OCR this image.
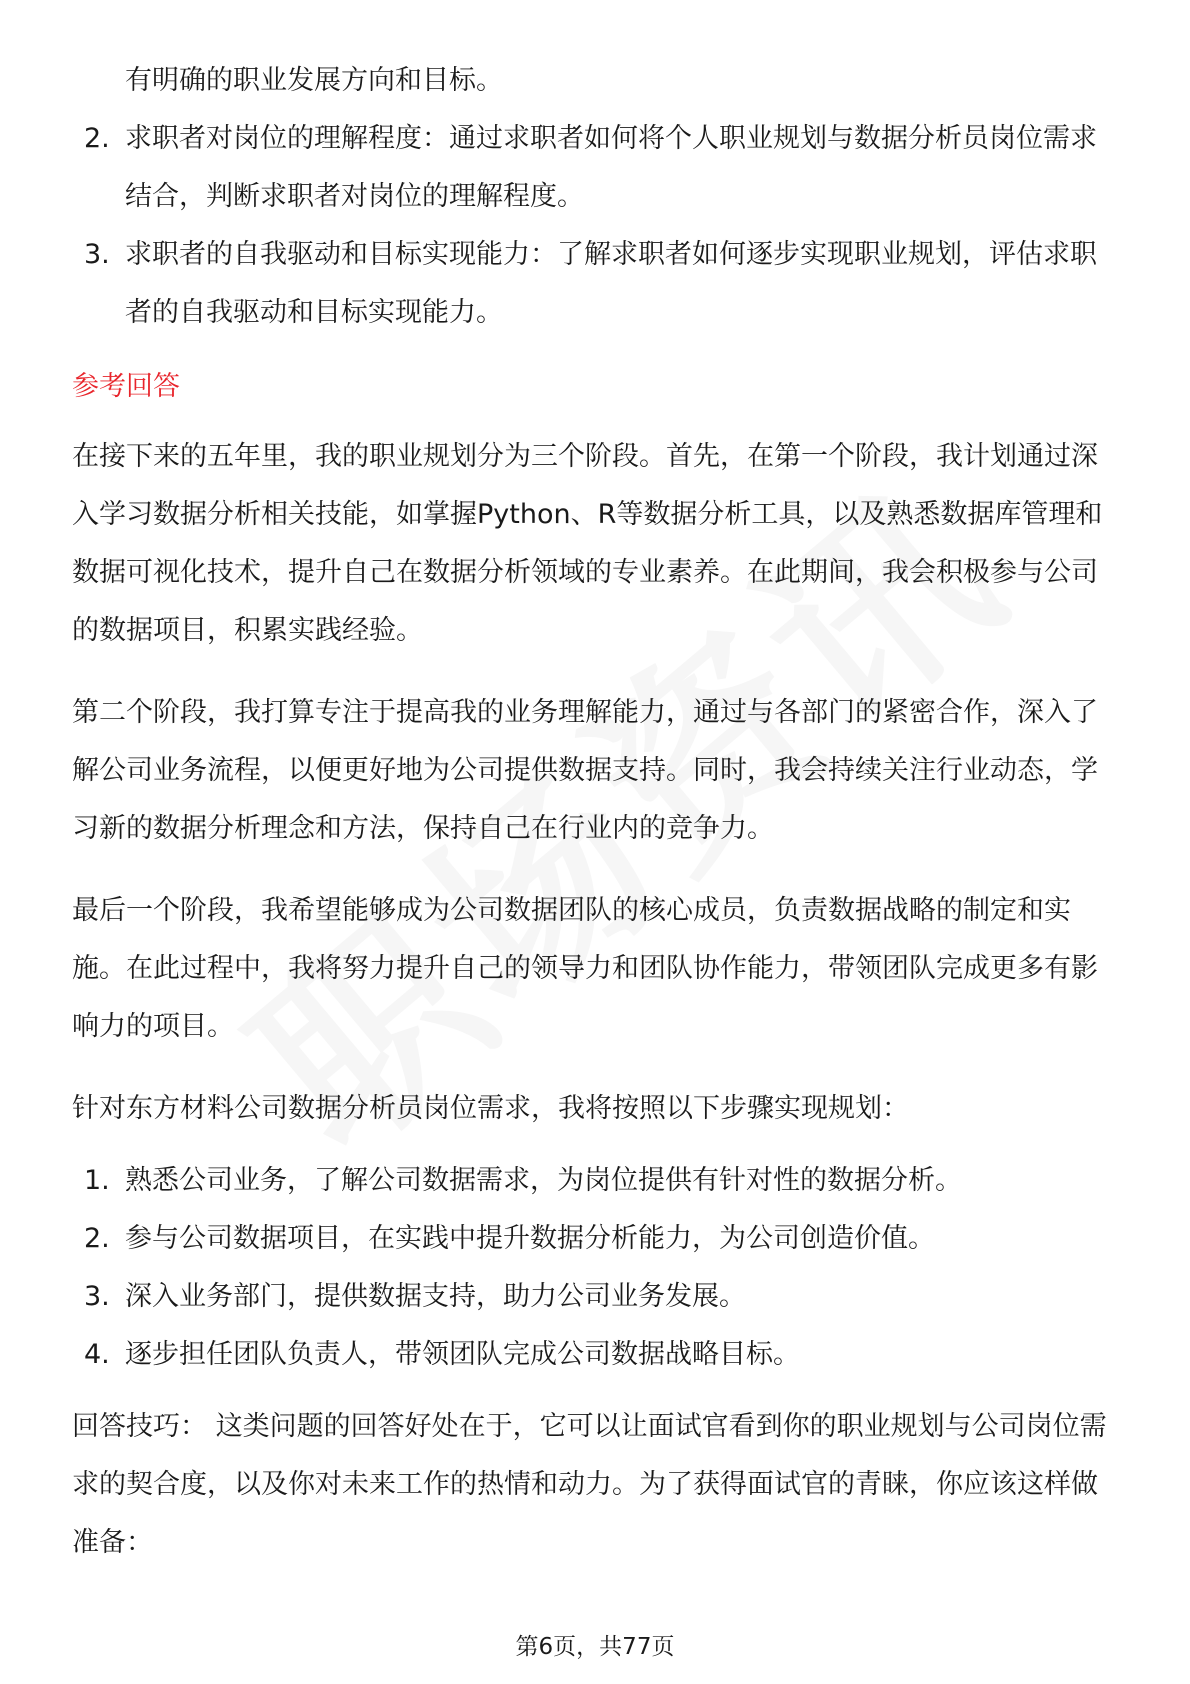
有明确的职业发展方向和目标。

2. 求职者对岗位的理解程度：通过求职者如何将个人职业规划与数据分析员岗位需求结合，判断求职者对岗位的理解程度。
3. 求职者的自我驱动和目标实现能力：了解求职者如何逐步实现职业规划，评估求职者的自我驱动和目标实现能力。
参考回答

在接下来的五年里，我的职业规划分为三个阶段。首先，在第一个阶段，我计划通过深入学习数据分析相关技能，如掌握Python、R等数据分析工具，以及熟悉数据库管理和数据可视化技术，提升自己在数据分析领域的专业素养。在此期间，我会积极参与公司的数据项目，积累实践经验。

第二个阶段，我打算专注于提高我的业务理解能力，通过与各部门的紧密合作，深入了解公司业务流程，以便更好地为公司提供数据支持。同时，我会持续关注行业动态，学习新的数据分析理念和方法，保持自己在行业内的竞争力。

最后一个阶段，我希望能够成为公司数据团队的核心成员，负责数据战略的制定和实施。在此过程中，我将努力提升自己的领导力和团队协作能力，带领团队完成更多有影响力的项目。

针对东方材料公司数据分析员岗位需求，我将按照以下步骤实现规划：

1. 熟悉公司业务，了解公司数据需求，为岗位提供有针对性的数据分析。
2. 参与公司数据项目，在实践中提升数据分析能力，为公司创造价值。
3. 深入业务部门，提供数据支持，助力公司业务发展。
4. 逐步担任团队负责人，带领团队完成公司数据战略目标。

回答技巧： 这类问题的回答好处在于，它可以让面试官看到你的职业规划与公司岗位需求的契合度，以及你对未来工作的热情和动力。为了获得面试官的青睐，你应该这样做准备：

第6页，共77页
